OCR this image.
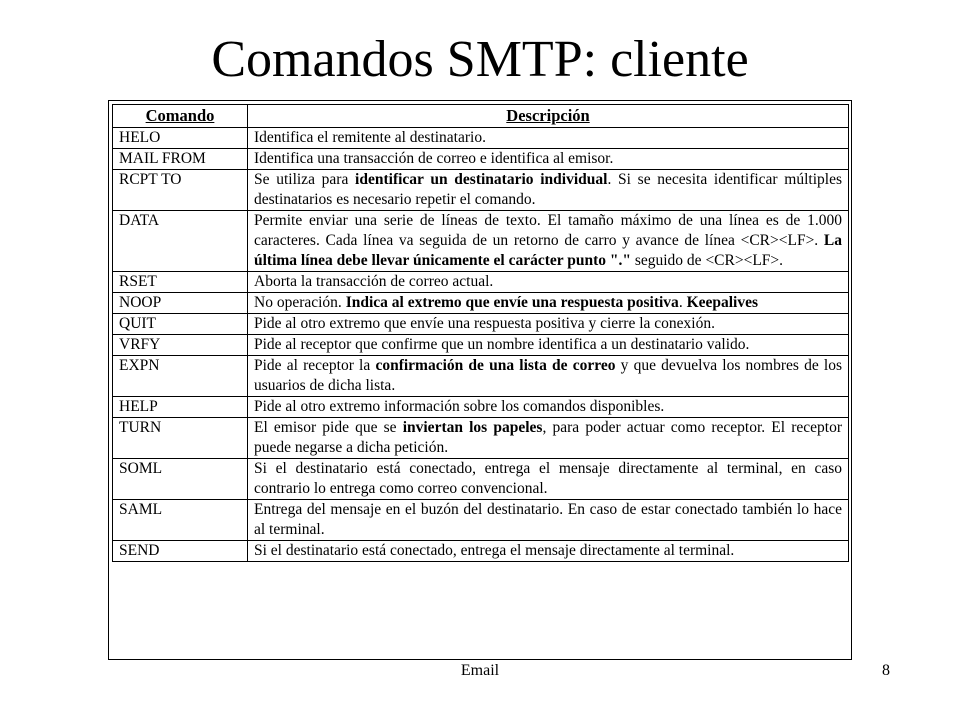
Comandos SMTP: cliente
Comando	Descripción
HELO	Identifica el remitente al destinatario.
MAIL FROM	Identifica una transacción de correo e identifica al emisor.
RCPT TO	Se utiliza para identificar un destinatario individual. Si se necesita identificar múltiples destinatarios es necesario repetir el comando.
DATA	Permite enviar una serie de líneas de texto. El tamaño máximo de una línea es de 1.000 caracteres. Cada línea va seguida de un retorno de carro y avance de línea <CR><LF>. La última línea debe llevar únicamente el carácter punto "." seguido de <CR><LF>.
RSET	Aborta la transacción de correo actual.
NOOP	No operación. Indica al extremo que envíe una respuesta positiva. Keepalives
QUIT	Pide al otro extremo que envíe una respuesta positiva y cierre la conexión.
VRFY	Pide al receptor que confirme que un nombre identifica a un destinatario valido.
EXPN	Pide al receptor la confirmación de una lista de correo y que devuelva los nombres de los usuarios de dicha lista.
HELP	Pide al otro extremo información sobre los comandos disponibles.
TURN	El emisor pide que se inviertan los papeles, para poder actuar como receptor. El receptor puede negarse a dicha petición.
SOML	Si el destinatario está conectado, entrega el mensaje directamente al terminal, en caso contrario lo entrega como correo convencional.
SAML	Entrega del mensaje en el buzón del destinatario. En caso de estar conectado también lo hace al terminal.
SEND	Si el destinatario está conectado, entrega el mensaje directamente al terminal.
Email	8
